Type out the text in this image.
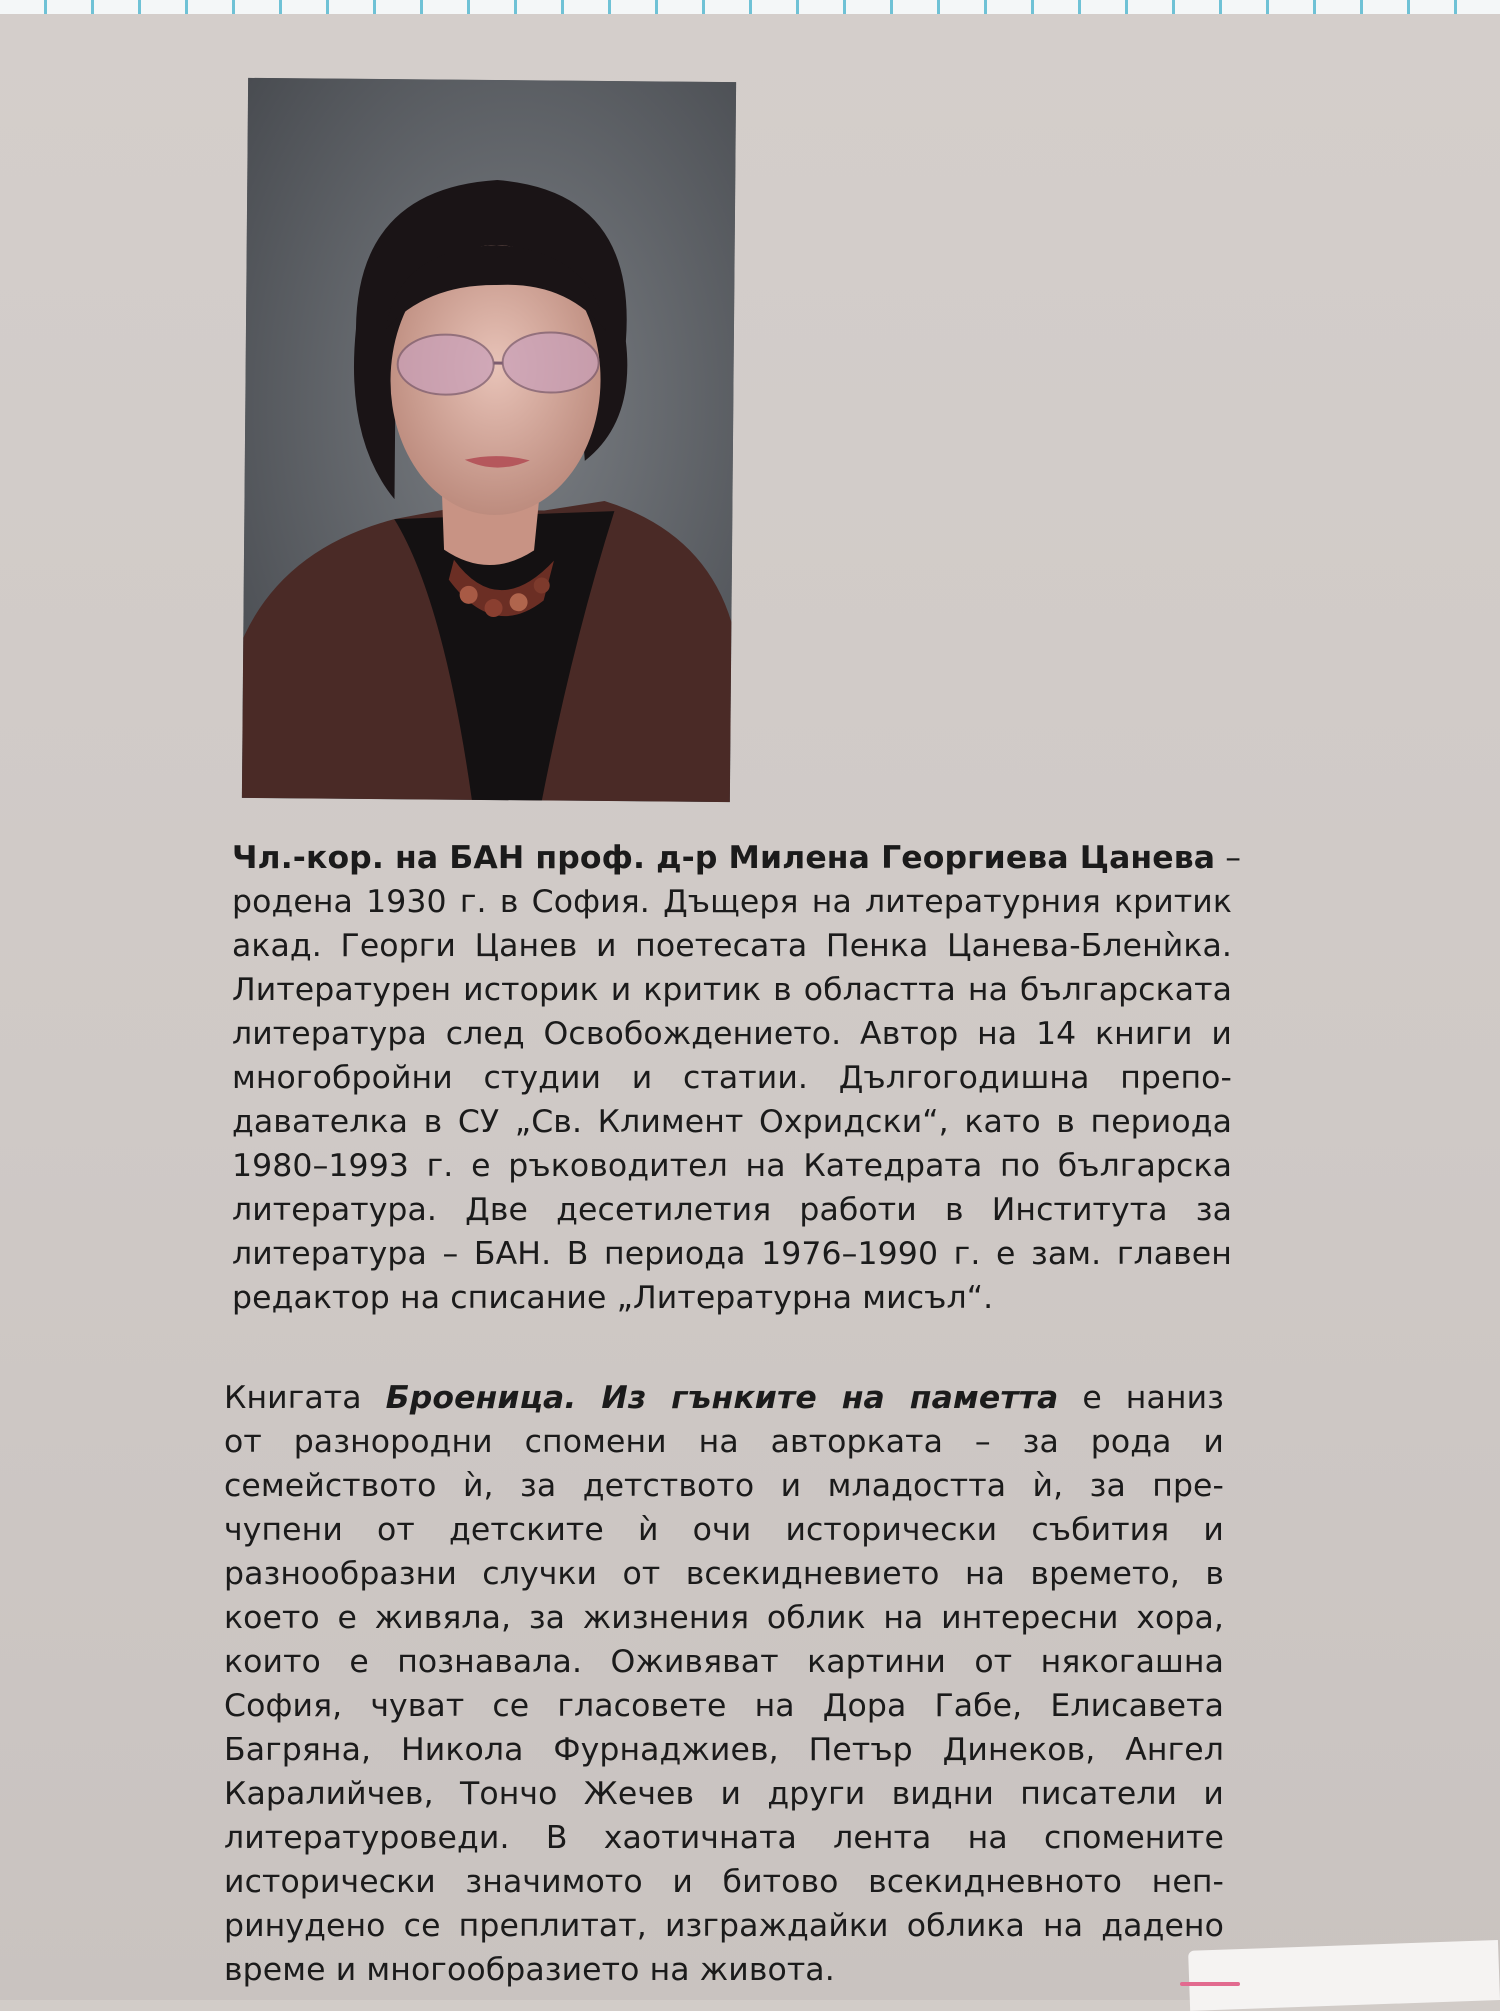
Чл.-кор. на БАН проф. д-р Милена Георгиева Цанева –
родена 1930 г. в София. Дъщеря на литературния критик
акад. Георги Цанев и поетесата Пенка Цанева-Бленѝка.
Литературен историк и критик в областта на българската
литература след Освобождението. Автор на 14 книги и
многобройни студии и статии. Дългогодишна препо-
давателка в СУ „Св. Климент Охридски“, като в периода
1980–1993 г. е ръководител на Катедрата по българска
литература. Две десетилетия работи в Института за
литература – БАН. В периода 1976–1990 г. е зам. главен
редактор на списание „Литературна мисъл“.
Книгата Броеница. Из гънките на паметта е наниз
от разнородни спомени на авторката – за рода и
семейството ѝ, за детството и младостта ѝ, за пре-
чупени от детските ѝ очи исторически събития и
разнообразни случки от всекидневието на времето, в
което е живяла, за жизнения облик на интересни хора,
които е познавала. Оживяват картини от някогашна
София, чуват се гласовете на Дора Габе, Елисавета
Багряна, Никола Фурнаджиев, Петър Динеков, Ангел
Каралийчев, Тончо Жечев и други видни писатели и
литературоведи. В хаотичната лента на спомените
исторически значимото и битово всекидневното неп-
ринудено се преплитат, изграждайки облика на дадено
време и многообразието на живота.
